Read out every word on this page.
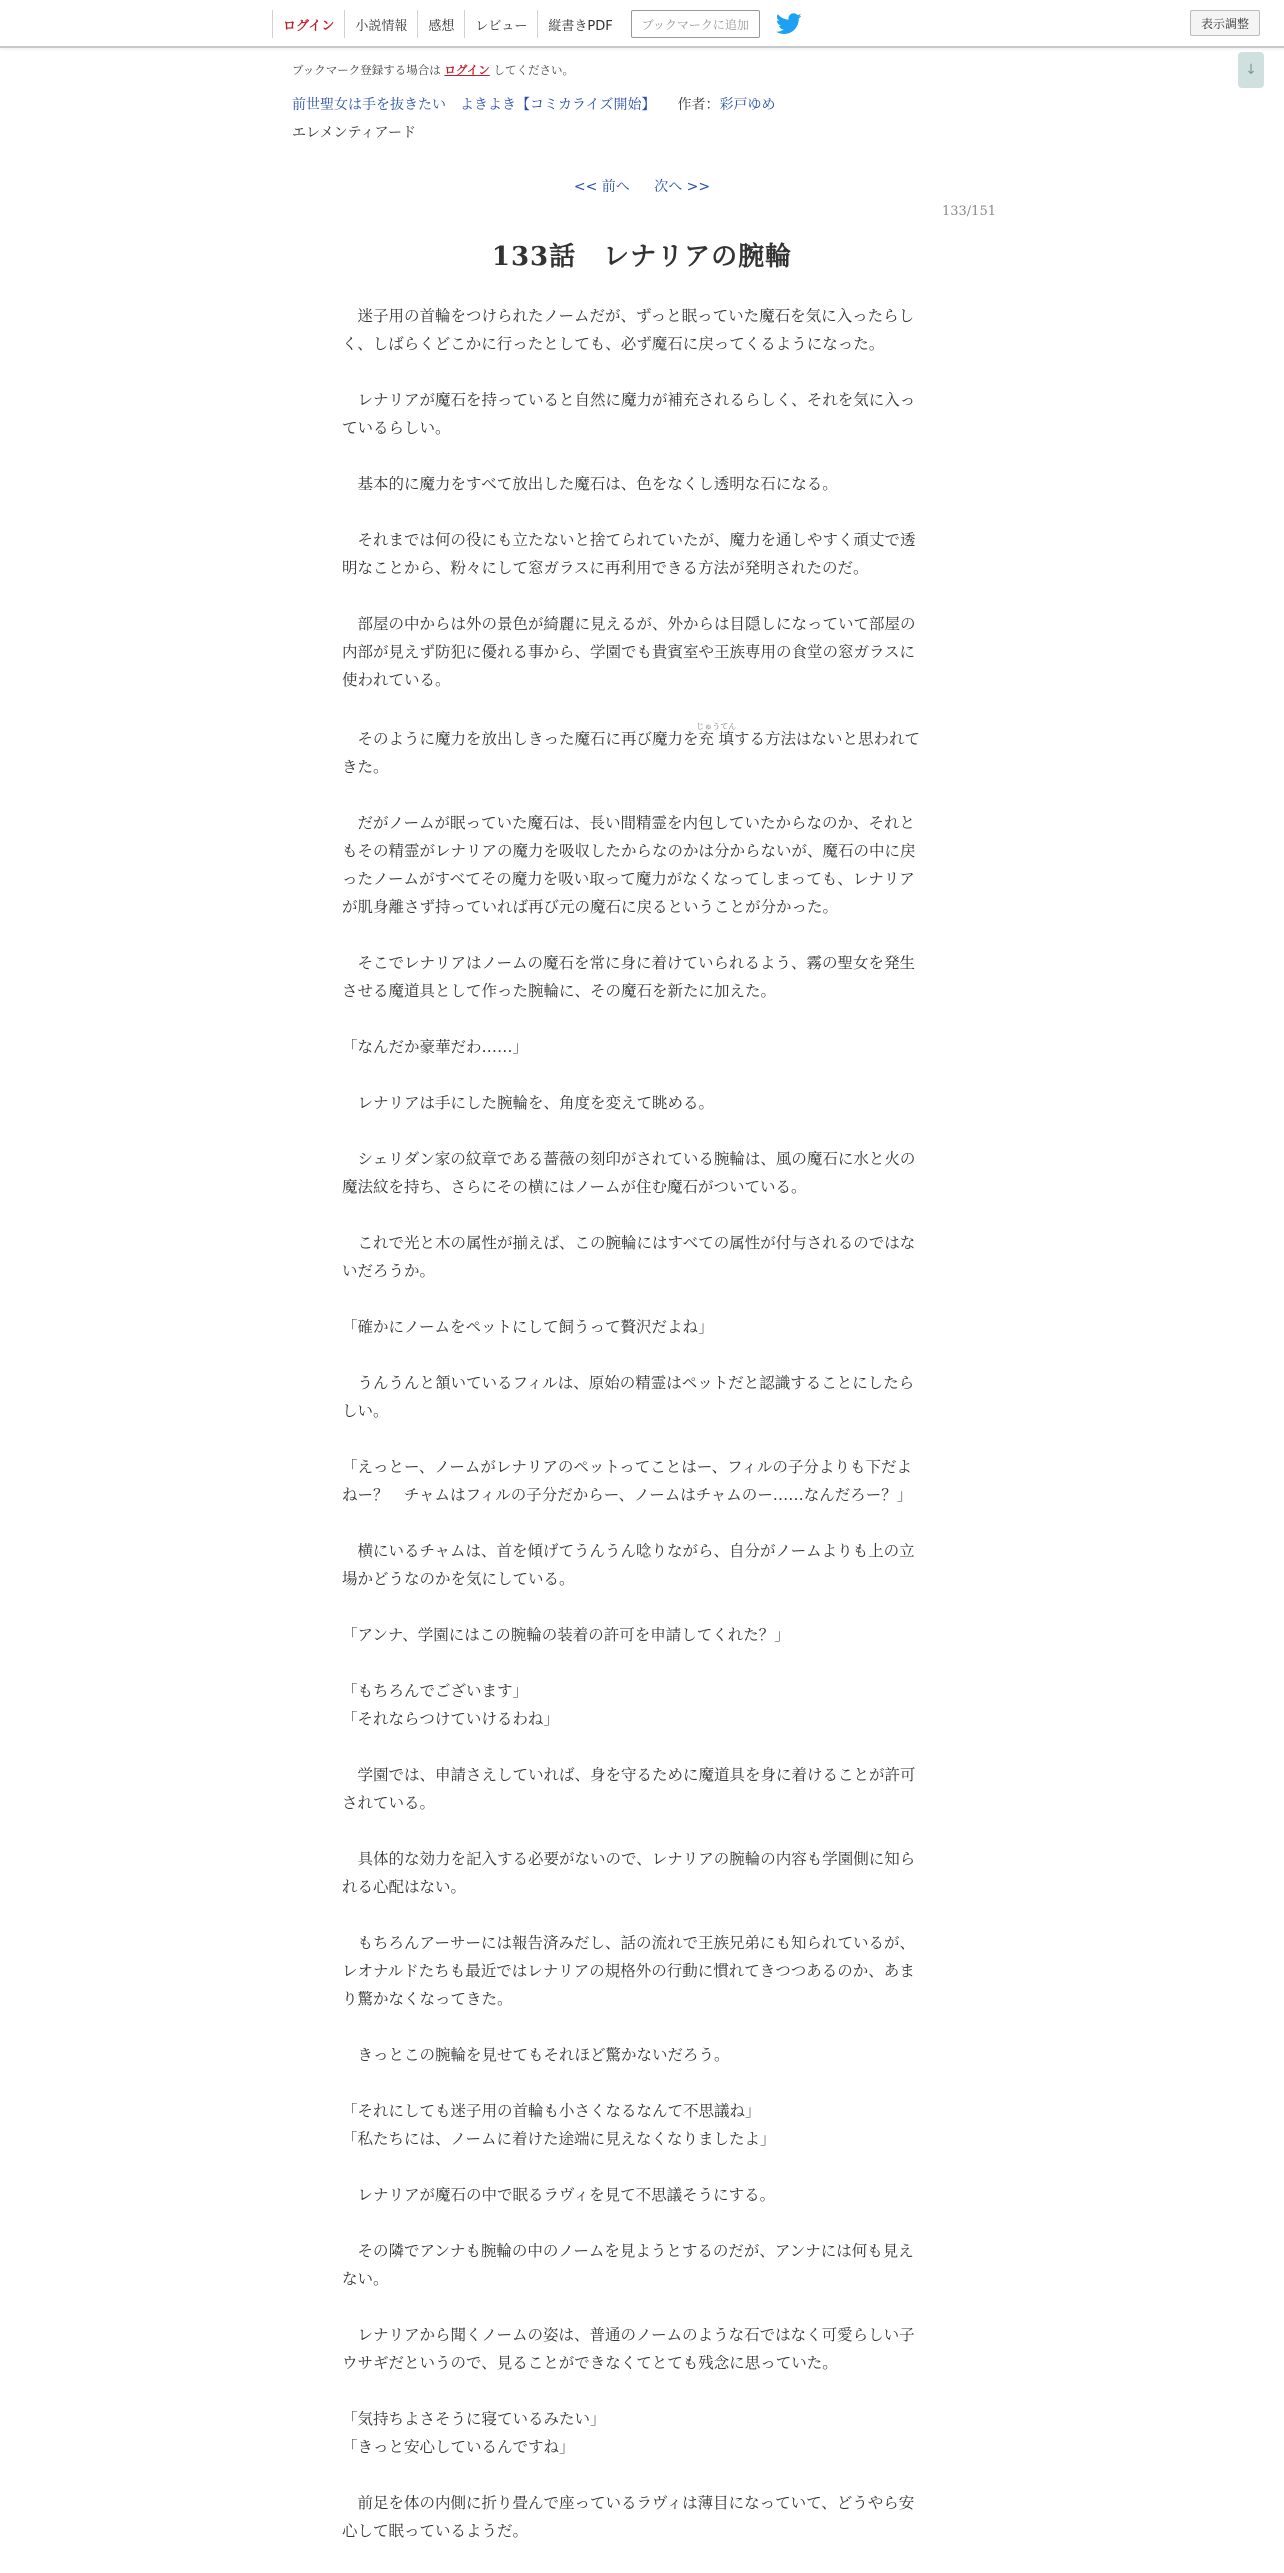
ログイン	小説情報	感想	レビュー	縦書きPDF	ブックマークに追加	表示調整
↓
ブックマーク登録する場合は ログイン してください。
前世聖女は手を抜きたい　よきよき【コミカライズ開始】 作者：彩戸ゆめ
エレメンティアード
<< 前へ 次へ >>
133/151
133話　レナリアの腕輪
　迷子用の首輪をつけられたノームだが、ずっと眠っていた魔石を気に入ったらし
く、しばらくどこかに行ったとしても、必ず魔石に戻ってくるようになった。
　レナリアが魔石を持っていると自然に魔力が補充されるらしく、それを気に入っ
ているらしい。
　基本的に魔力をすべて放出した魔石は、色をなくし透明な石になる。
　それまでは何の役にも立たないと捨てられていたが、魔力を通しやすく頑丈で透
明なことから、粉々にして窓ガラスに再利用できる方法が発明されたのだ。
　部屋の中からは外の景色が綺麗に見えるが、外からは目隠しになっていて部屋の
内部が見えず防犯に優れる事から、学園でも貴賓室や王族専用の食堂の窓ガラスに
使われている。
　そのように魔力を放出しきった魔石に再び魔力を充填じゅうてんする方法はないと思われて
きた。
　だがノームが眠っていた魔石は、長い間精霊を内包していたからなのか、それと
もその精霊がレナリアの魔力を吸収したからなのかは分からないが、魔石の中に戻
ったノームがすべてその魔力を吸い取って魔力がなくなってしまっても、レナリア
が肌身離さず持っていれば再び元の魔石に戻るということが分かった。
　そこでレナリアはノームの魔石を常に身に着けていられるよう、霧の聖女を発生
させる魔道具として作った腕輪に、その魔石を新たに加えた。
「なんだか豪華だわ……」
　レナリアは手にした腕輪を、角度を変えて眺める。
　シェリダン家の紋章である薔薇の刻印がされている腕輪は、風の魔石に水と火の
魔法紋を持ち、さらにその横にはノームが住む魔石がついている。
　これで光と木の属性が揃えば、この腕輪にはすべての属性が付与されるのではな
いだろうか。
「確かにノームをペットにして飼うって贅沢だよね」
　うんうんと頷いているフィルは、原始の精霊はペットだと認識することにしたら
しい。
「えっとー、ノームがレナリアのペットってことはー、フィルの子分よりも下だよ
ねー？　チャムはフィルの子分だからー、ノームはチャムのー……なんだろー？」
　横にいるチャムは、首を傾げてうんうん唸りながら、自分がノームよりも上の立
場かどうなのかを気にしている。
「アンナ、学園にはこの腕輪の装着の許可を申請してくれた？」
「もちろんでございます」
「それならつけていけるわね」
　学園では、申請さえしていれば、身を守るために魔道具を身に着けることが許可
されている。
　具体的な効力を記入する必要がないので、レナリアの腕輪の内容も学園側に知ら
れる心配はない。
　もちろんアーサーには報告済みだし、話の流れで王族兄弟にも知られているが、
レオナルドたちも最近ではレナリアの規格外の行動に慣れてきつつあるのか、あま
り驚かなくなってきた。
　きっとこの腕輪を見せてもそれほど驚かないだろう。
「それにしても迷子用の首輪も小さくなるなんて不思議ね」
「私たちには、ノームに着けた途端に見えなくなりましたよ」
　レナリアが魔石の中で眠るラヴィを見て不思議そうにする。
　その隣でアンナも腕輪の中のノームを見ようとするのだが、アンナには何も見え
ない。
　レナリアから聞くノームの姿は、普通のノームのような石ではなく可愛らしい子
ウサギだというので、見ることができなくてとても残念に思っていた。
「気持ちよさそうに寝ているみたい」
「きっと安心しているんですね」
　前足を体の内側に折り畳んで座っているラヴィは薄目になっていて、どうやら安
心して眠っているようだ。
